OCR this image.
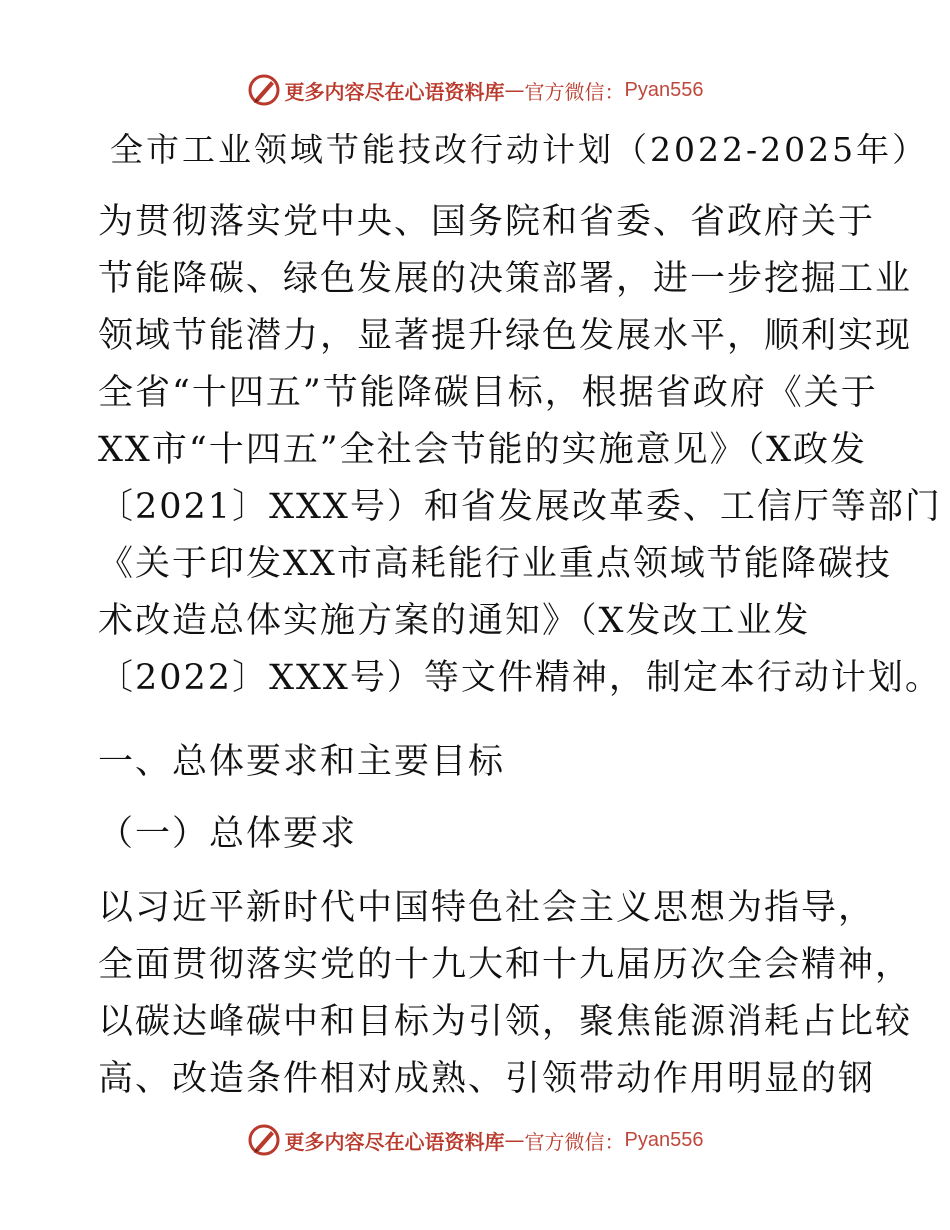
更多内容尽在心语资料库 — 官方微信： Pyan556
全市工业领域节能技改行动计划（2022-2025年）

为贯彻落实党中央、国务院和省委、省政府关于
节能降碳、绿色发展的决策部署，进一步挖掘工业
领域节能潜力，显著提升绿色发展水平，顺利实现
全省“十四五”节能降碳目标，根据省政府《关于
XX市“十四五”全社会节能的实施意见》（X政发
〔2021〕XXX号）和省发展改革委、工信厅等部门
《关于印发XX市高耗能行业重点领域节能降碳技
术改造总体实施方案的通知》（X发改工业发
〔2022〕XXX号）等文件精神，制定本行动计划。

一、总体要求和主要目标

（一）总体要求

以习近平新时代中国特色社会主义思想为指导，
全面贯彻落实党的十九大和十九届历次全会精神，
以碳达峰碳中和目标为引领，聚焦能源消耗占比较
高、改造条件相对成熟、引领带动作用明显的钢

更多内容尽在心语资料库 — 官方微信： Pyan556
